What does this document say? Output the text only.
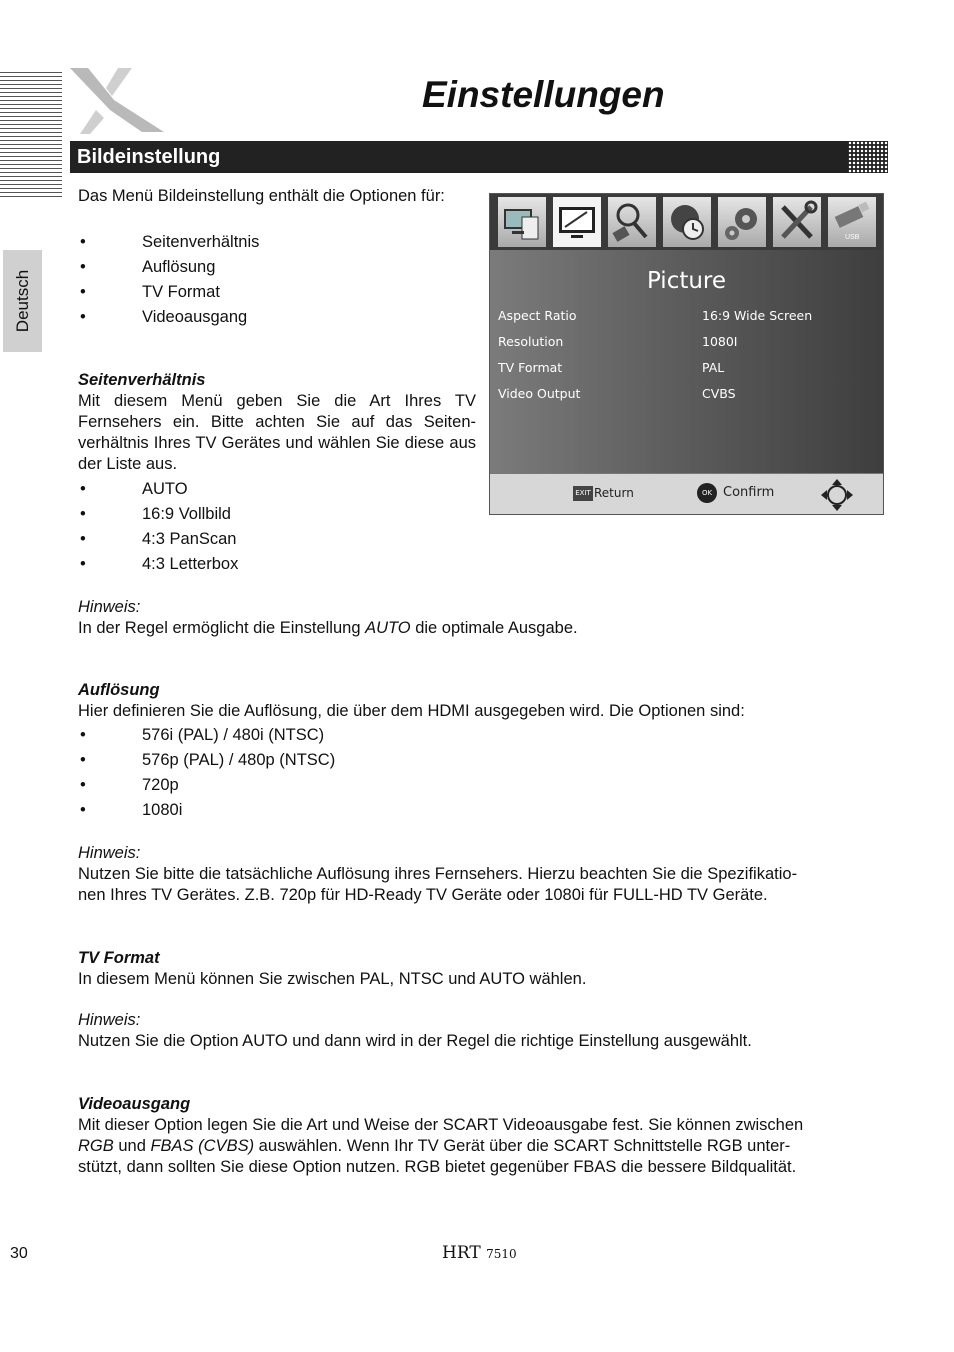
Deutsch
Einstellungen
Bildeinstellung
Das Menü Bildeinstellung enthält die Optionen für:
• Seitenverhältnis
• Auflösung
• TV Format
• Videoausgang
Seitenverhältnis
Mit diesem Menü geben Sie die Art Ihres TV Fernsehers ein. Bitte achten Sie auf das Seiten-verhältnis Ihres TV Gerätes und wählen Sie diese aus der Liste aus.
• AUTO
• 16:9 Vollbild
• 4:3 PanScan
• 4:3 Letterbox
Hinweis:
In der Regel ermöglicht die Einstellung AUTO die optimale Ausgabe.
Auflösung
Hier definieren Sie die Auflösung, die über dem HDMI ausgegeben wird. Die Optionen sind:
• 576i (PAL) / 480i (NTSC)
• 576p (PAL) / 480p (NTSC)
• 720p
• 1080i
Hinweis:
Nutzen Sie bitte die tatsächliche Auflösung ihres Fernsehers. Hierzu beachten Sie die Spezifikatio-
nen Ihres TV Gerätes. Z.B. 720p für HD-Ready TV Geräte oder 1080i für FULL-HD TV Geräte.
TV Format
In diesem Menü können Sie zwischen PAL, NTSC und AUTO wählen.
Hinweis:
Nutzen Sie die Option AUTO und dann wird in der Regel die richtige Einstellung ausgewählt.
Videoausgang
Mit dieser Option legen Sie die Art und Weise der SCART Videoausgabe fest. Sie können zwischen
RGB und FBAS (CVBS) auswählen. Wenn Ihr TV Gerät über die SCART Schnittstelle RGB unter-
stützt, dann sollten Sie diese Option nutzen. RGB bietet gegenüber FBAS die bessere Bildqualität.
USB
Picture
Aspect Ratio	16:9 Wide Screen
Resolution	1080I
TV Format	PAL
Video Output	CVBS
EXIT Return	OK Confirm
30	HRT 7510
